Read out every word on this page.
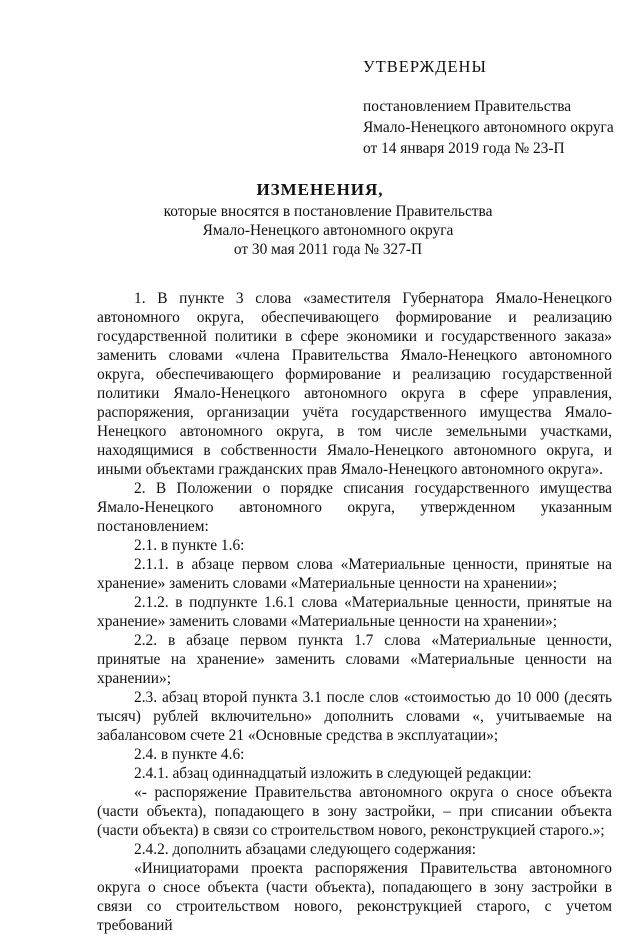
УТВЕРЖДЕНЫ
постановлением Правительства
Ямало-Ненецкого автономного округа
от 14 января 2019 года № 23-П
ИЗМЕНЕНИЯ,
которые вносятся в постановление Правительства
Ямало-Ненецкого автономного округа
от 30 мая 2011 года № 327-П

1. В пункте 3 слова «заместителя Губернатора Ямало-Ненецкого автономного округа, обеспечивающего формирование и реализацию государственной политики в сфере экономики и государственного заказа» заменить словами «члена Правительства Ямало-Ненецкого автономного округа, обеспечивающего формирование и реализацию государственной политики Ямало-Ненецкого автономного округа в сфере управления, распоряжения, организации учёта государственного имущества Ямало-Ненецкого автономного округа, в том числе земельными участками, находящимися в собственности Ямало-Ненецкого автономного округа, и иными объектами гражданских прав Ямало-Ненецкого автономного округа».

2. В Положении о порядке списания государственного имущества Ямало-Ненецкого автономного округа, утвержденном указанным постановлением:

2.1. в пункте 1.6:

2.1.1. в абзаце первом слова «Материальные ценности, принятые на хранение» заменить словами «Материальные ценности на хранении»;

2.1.2. в подпункте 1.6.1 слова «Материальные ценности, принятые на хранение» заменить словами «Материальные ценности на хранении»;

2.2. в абзаце первом пункта 1.7 слова «Материальные ценности, принятые на хранение» заменить словами «Материальные ценности на хранении»;

2.3. абзац второй пункта 3.1 после слов «стоимостью до 10 000 (десять тысяч) рублей включительно» дополнить словами «, учитываемые на забалансовом счете 21 «Основные средства в эксплуатации»;

2.4. в пункте 4.6:

2.4.1. абзац одиннадцатый изложить в следующей редакции:

«- распоряжение Правительства автономного округа о сносе объекта (части объекта), попадающего в зону застройки, – при списании объекта (части объекта) в связи со строительством нового, реконструкцией старого.»;

2.4.2. дополнить абзацами следующего содержания:

«Инициаторами проекта распоряжения Правительства автономного округа о сносе объекта (части объекта), попадающего в зону застройки в связи со строительством нового, реконструкцией старого, с учетом требований
